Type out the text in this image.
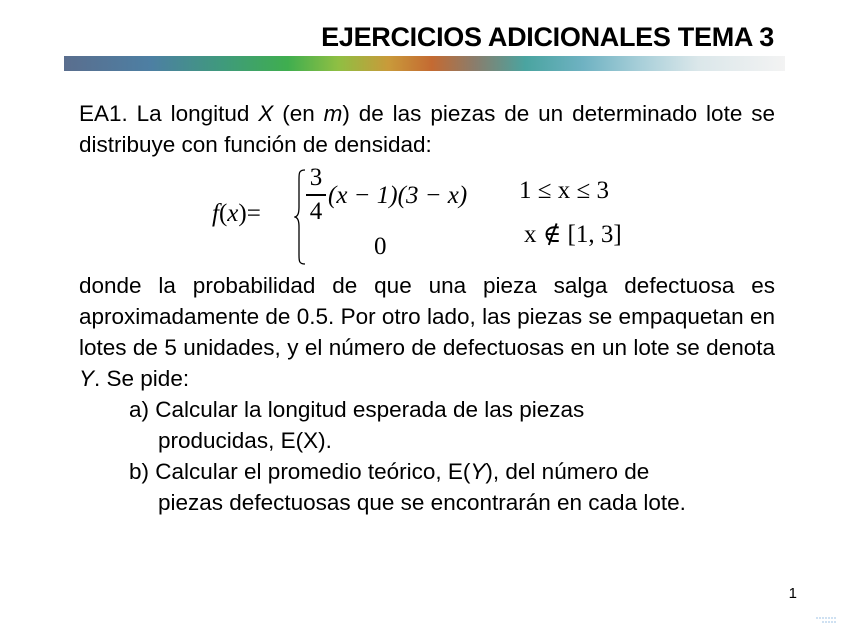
EJERCICIOS ADICIONALES TEMA 3

EA1. La longitud X (en m) de las piezas de un determinado lote se distribuye con función de densidad:

donde la probabilidad de que una pieza salga defectuosa es aproximadamente de 0.5. Por otro lado, las piezas se empaquetan en lotes de 5 unidades, y el número de defectuosas en un lote se denota Y. Se pide:

a) Calcular la longitud esperada de las piezas
producidas, E(X).
b) Calcular el promedio teórico, E(Y), del número de
piezas defectuosas que se encontrarán en cada lote.
f(x)=
3
4
(x − 1)(3 − x)
0
1 ≤ x ≤ 3
x ∉ [1, 3]
1
